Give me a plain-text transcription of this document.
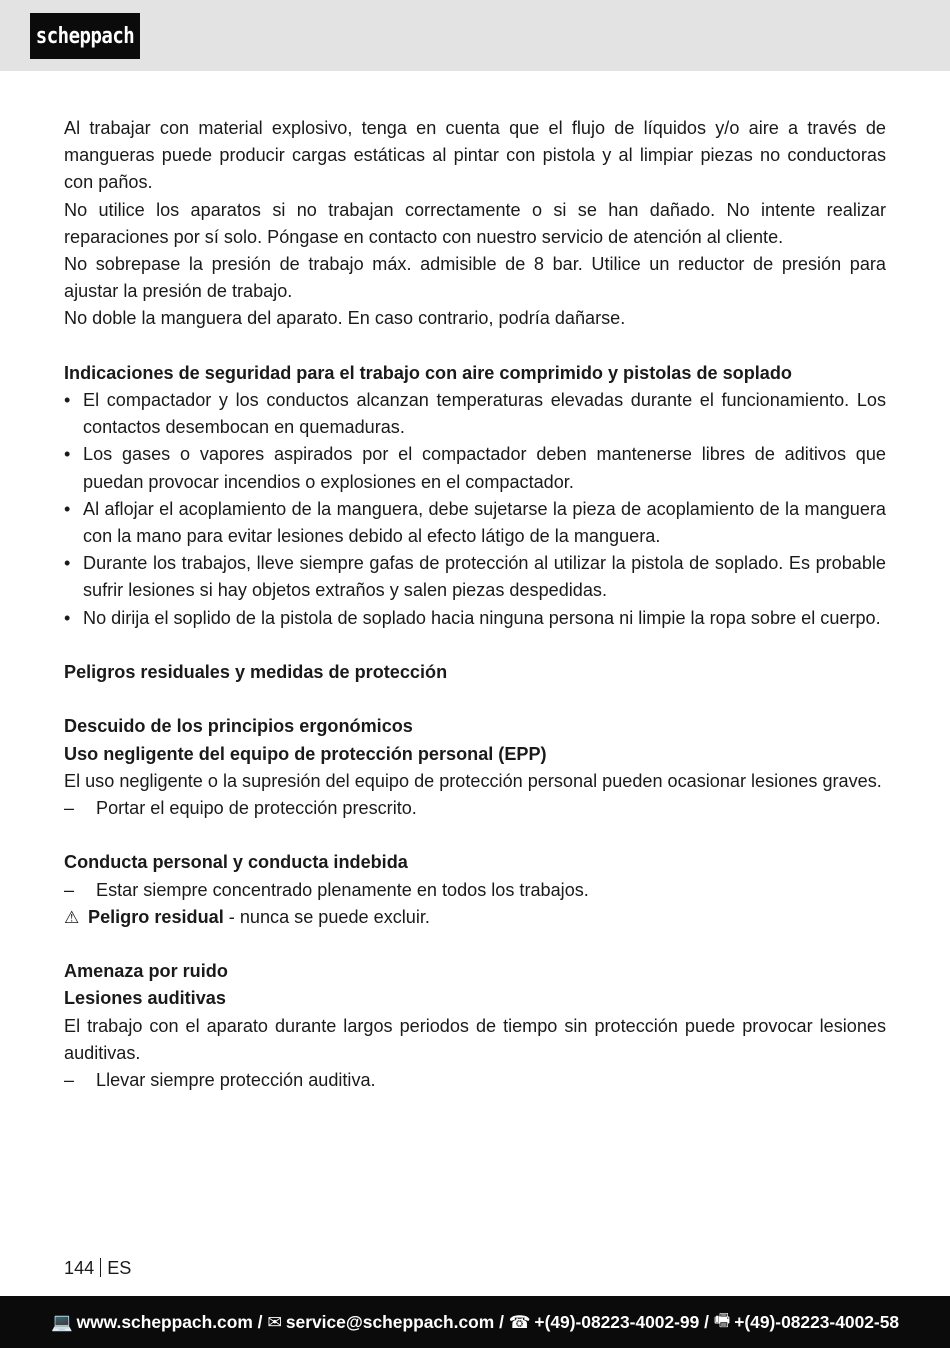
scheppach

Al trabajar con material explosivo, tenga en cuenta que el flujo de líquidos y/o aire a través de mangueras puede producir cargas estáticas al pintar con pistola y al limpiar piezas no conductoras con paños.

No utilice los aparatos si no trabajan correctamente o si se han dañado. No intente realizar reparaciones por sí solo. Póngase en contacto con nuestro servicio de atención al cliente.

No sobrepase la presión de trabajo máx. admisible de 8 bar. Utilice un reductor de presión para ajustar la presión de trabajo.

No doble la manguera del aparato. En caso contrario, podría dañarse.

Indicaciones de seguridad para el trabajo con aire comprimido y pistolas de soplado

• El compactador y los conductos alcanzan temperaturas elevadas durante el funcionamiento. Los contactos desembocan en quemaduras.
• Los gases o vapores aspirados por el compactador deben mantenerse libres de aditivos que puedan provocar incendios o explosiones en el compactador.
• Al aflojar el acoplamiento de la manguera, debe sujetarse la pieza de acoplamiento de la manguera con la mano para evitar lesiones debido al efecto látigo de la manguera.
• Durante los trabajos, lleve siempre gafas de protección al utilizar la pistola de soplado. Es probable sufrir lesiones si hay objetos extraños y salen piezas despedidas.
• No dirija el soplido de la pistola de soplado hacia ninguna persona ni limpie la ropa sobre el cuerpo.

Peligros residuales y medidas de protección

Descuido de los principios ergonómicos

Uso negligente del equipo de protección personal (EPP)

El uso negligente o la supresión del equipo de protección personal pueden ocasionar lesiones graves.

–	Portar el equipo de protección prescrito.

Conducta personal y conducta indebida

–	Estar siempre concentrado plenamente en todos los trabajos.
⚠ Peligro residual - nunca se puede excluir.

Amenaza por ruido

Lesiones auditivas

El trabajo con el aparato durante largos periodos de tiempo sin protección puede provocar lesiones auditivas.

–	Llevar siempre protección auditiva.
144 ES
💻 www.scheppach.com / ✉ service@scheppach.com / ☎ +(49)-08223-4002-99 / 🖷 +(49)-08223-4002-58
